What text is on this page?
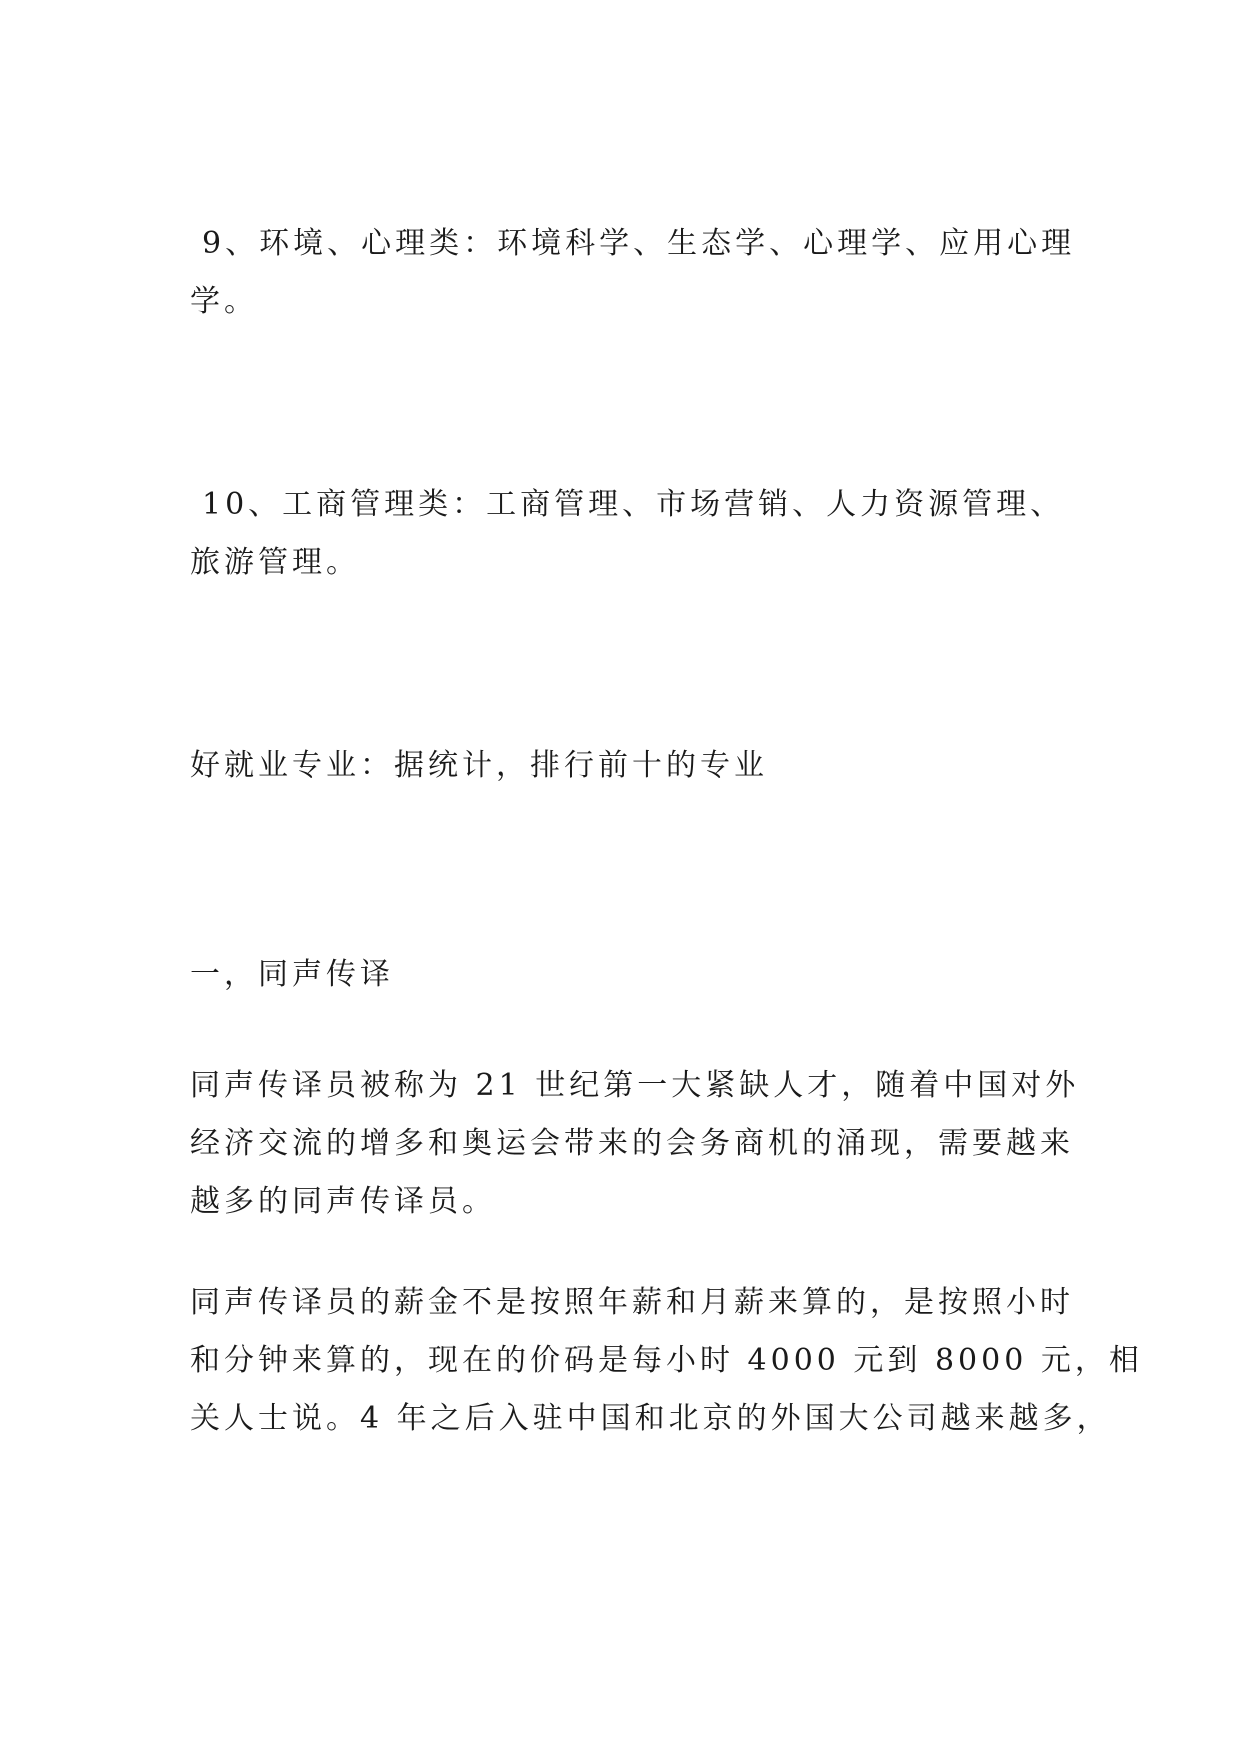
9、环境、心理类：环境科学、生态学、心理学、应用心理
学。

10、工商管理类：工商管理、市场营销、人力资源管理、
旅游管理。

好就业专业：据统计，排行前十的专业

一，同声传译

同声传译员被称为 21 世纪第一大紧缺人才，随着中国对外
经济交流的增多和奥运会带来的会务商机的涌现，需要越来
越多的同声传译员。

同声传译员的薪金不是按照年薪和月薪来算的，是按照小时
和分钟来算的，现在的价码是每小时 4000 元到 8000 元，相
关人士说。4 年之后入驻中国和北京的外国大公司越来越多，
